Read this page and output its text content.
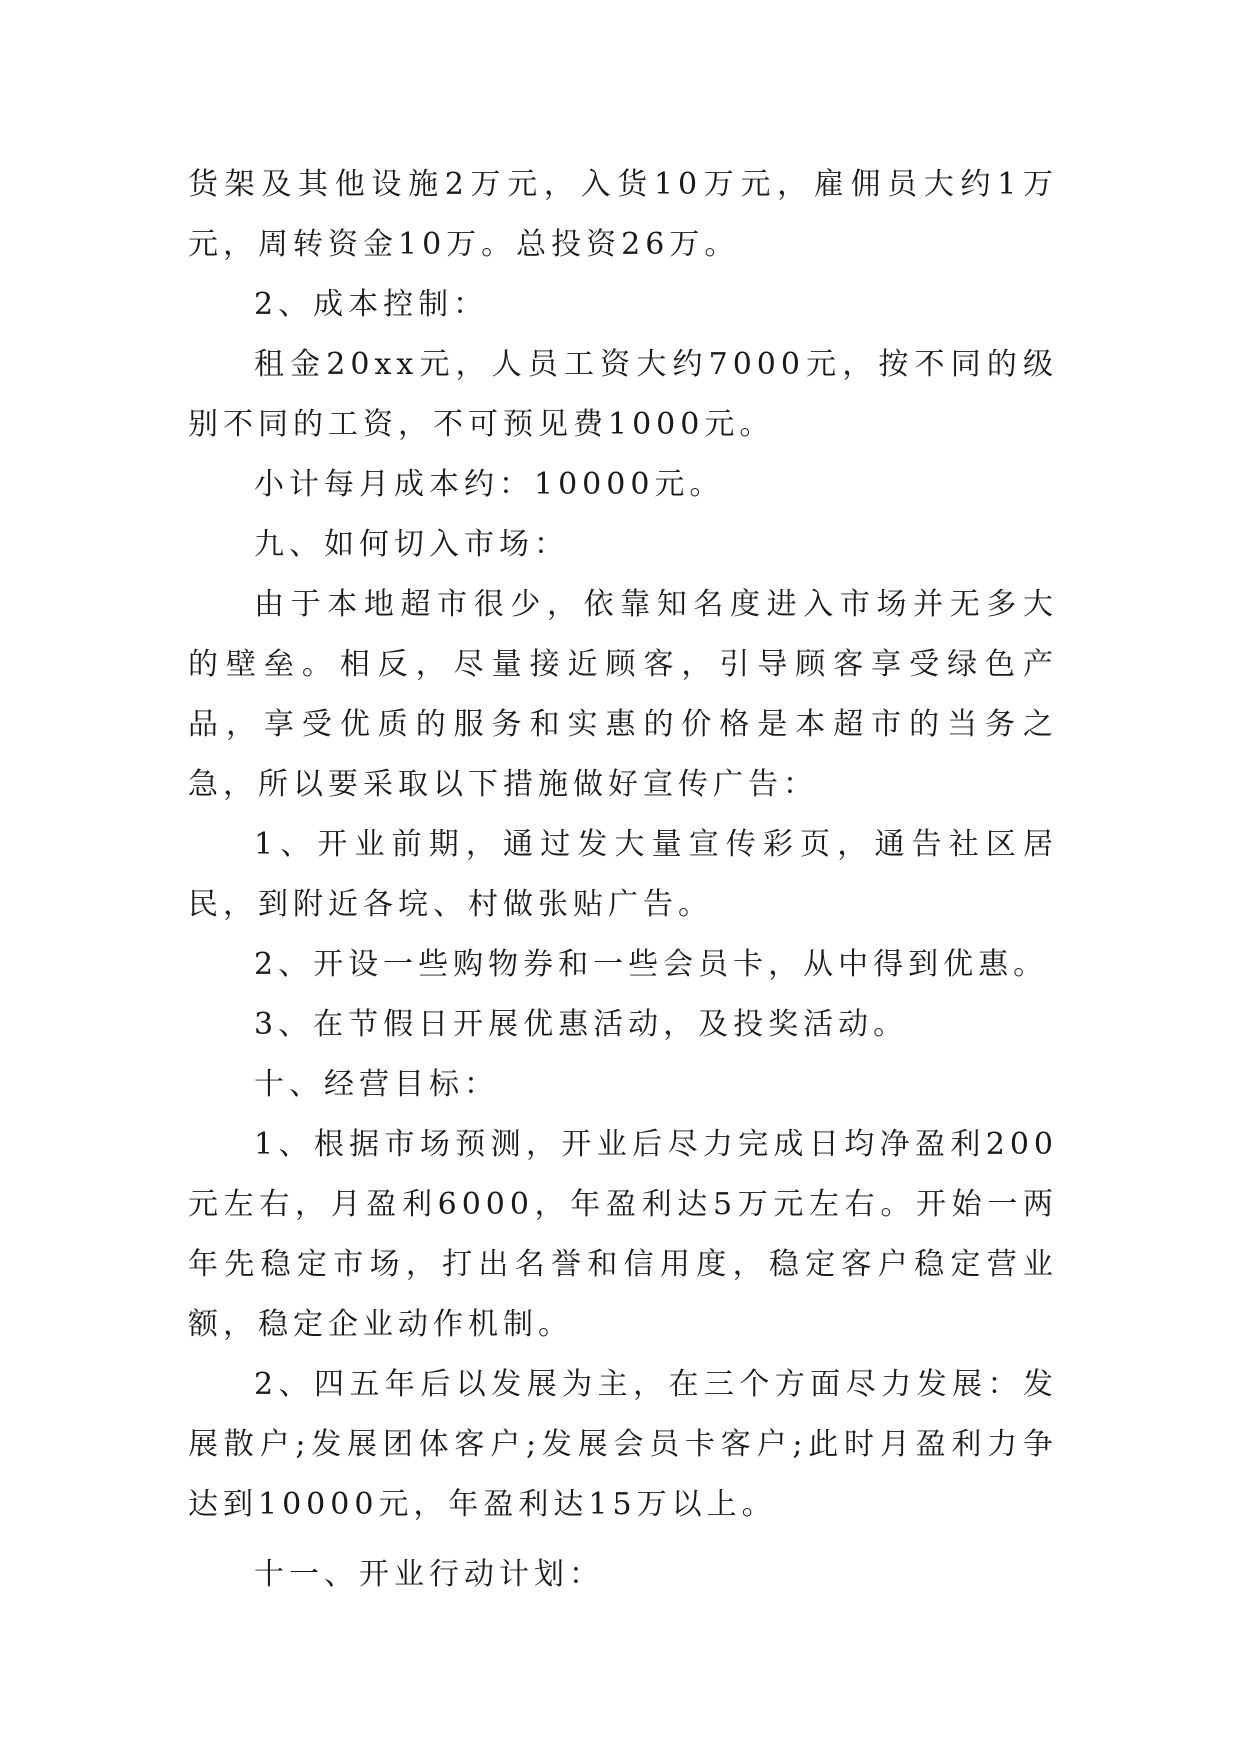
货架及其他设施2万元，入货10万元，雇佣员大约1万元，周转资金10万。总投资26万。

2、成本控制：

租金20xx元，人员工资大约7000元，按不同的级别不同的工资，不可预见费1000元。

小计每月成本约：10000元。

九、如何切入市场：

由于本地超市很少，依靠知名度进入市场并无多大的壁垒。相反，尽量接近顾客，引导顾客享受绿色产品，享受优质的服务和实惠的价格是本超市的当务之急，所以要采取以下措施做好宣传广告：

1、开业前期，通过发大量宣传彩页，通告社区居民，到附近各垸、村做张贴广告。

2、开设一些购物券和一些会员卡，从中得到优惠。

3、在节假日开展优惠活动，及投奖活动。

十、经营目标：

1、根据市场预测，开业后尽力完成日均净盈利200元左右，月盈利6000，年盈利达5万元左右。开始一两年先稳定市场，打出名誉和信用度，稳定客户稳定营业额，稳定企业动作机制。

2、四五年后以发展为主，在三个方面尽力发展：发展散户;发展团体客户;发展会员卡客户;此时月盈利力争达到10000元，年盈利达15万以上。

十一、开业行动计划：
